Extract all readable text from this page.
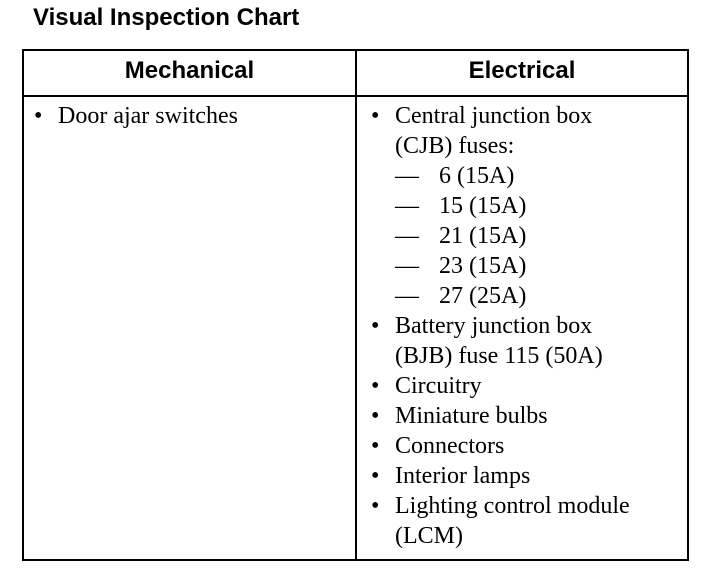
Visual Inspection Chart
Mechanical	Electrical
• Door ajar switches	• Central junction box
(CJB) fuses:
— 6 (15A)
— 15 (15A)
— 21 (15A)
— 23 (15A)
— 27 (25A)
• Battery junction box
(BJB) fuse 115 (50A)
• Circuitry
• Miniature bulbs
• Connectors
• Interior lamps
• Lighting control module
(LCM)
